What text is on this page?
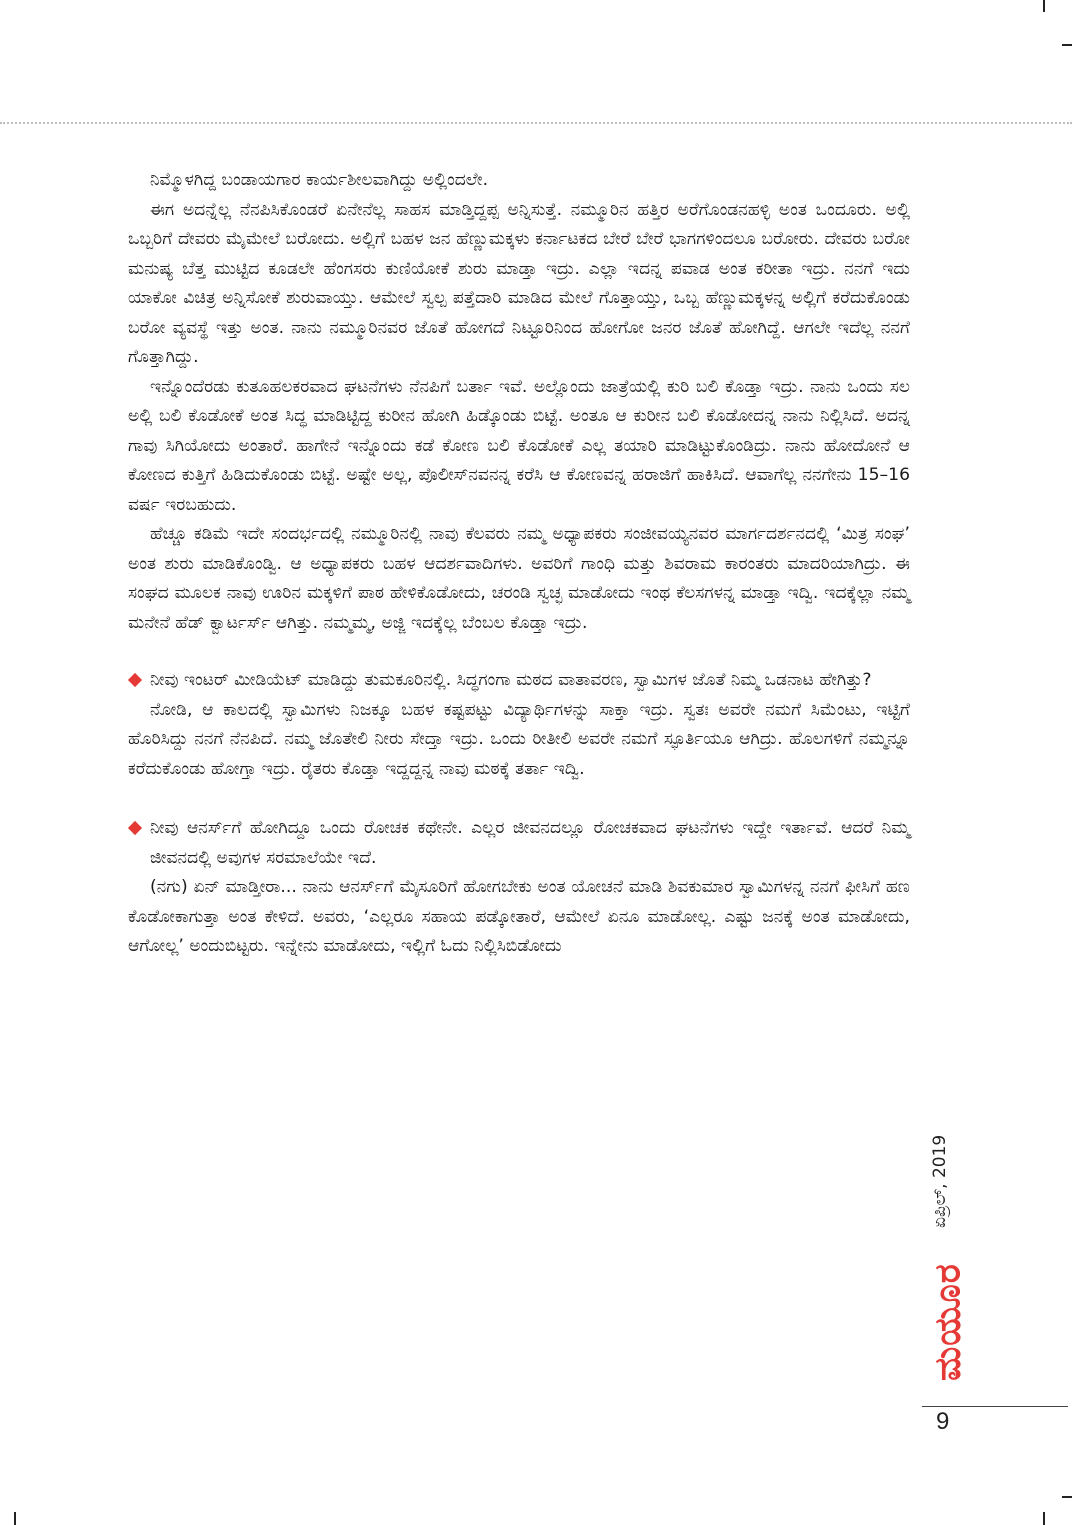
ನಿಮ್ಮೊಳಗಿದ್ದ ಬಂಡಾಯಗಾರ ಕಾರ್ಯಶೀಲವಾಗಿದ್ದು ಅಲ್ಲಿಂದಲೇ.

ಈಗ ಅದನ್ನೆಲ್ಲ ನೆನಪಿಸಿಕೊಂಡರೆ ಏನೇನೆಲ್ಲ ಸಾಹಸ ಮಾಡ್ತಿದ್ದಪ್ಪ ಅನ್ನಿಸುತ್ತೆ. ನಮ್ಮೂರಿನ ಹತ್ತಿರ ಅರೆಗೊಂಡನಹಳ್ಳಿ ಅಂತ ಒಂದೂರು. ಅಲ್ಲಿ ಒಬ್ಬರಿಗೆ ದೇವರು ಮೈಮೇಲೆ ಬರೋದು. ಅಲ್ಲಿಗೆ ಬಹಳ ಜನ ಹೆಣ್ಣುಮಕ್ಕಳು ಕರ್ನಾಟಕದ ಬೇರೆ ಬೇರೆ ಭಾಗಗಳಿಂದಲೂ ಬರೋರು. ದೇವರು ಬರೋ ಮನುಷ್ಯ ಬೆತ್ತ ಮುಟ್ಟಿದ ಕೂಡಲೇ ಹೆಂಗಸರು ಕುಣಿಯೋಕೆ ಶುರು ಮಾಡ್ತಾ ಇದ್ರು. ಎಲ್ಲಾ ಇದನ್ನ ಪವಾಡ ಅಂತ ಕರೀತಾ ಇದ್ರು. ನನಗೆ ಇದು ಯಾಕೋ ವಿಚಿತ್ರ ಅನ್ನಿಸೋಕೆ ಶುರುವಾಯ್ತು. ಆಮೇಲೆ ಸ್ವಲ್ಪ ಪತ್ತೆದಾರಿ ಮಾಡಿದ ಮೇಲೆ ಗೊತ್ತಾಯ್ತು, ಒಬ್ಬ ಹೆಣ್ಣುಮಕ್ಕಳನ್ನ ಅಲ್ಲಿಗೆ ಕರೆದುಕೊಂಡು ಬರೋ ವ್ಯವಸ್ಥೆ ಇತ್ತು ಅಂತ. ನಾನು ನಮ್ಮೂರಿನವರ ಜೊತೆ ಹೋಗದೆ ನಿಟ್ಟೂರಿನಿಂದ ಹೋಗೋ ಜನರ ಜೊತೆ ಹೋಗಿದ್ದೆ. ಆಗಲೇ ಇದೆಲ್ಲ ನನಗೆ ಗೊತ್ತಾಗಿದ್ದು.

ಇನ್ನೊಂದೆರಡು ಕುತೂಹಲಕರವಾದ ಘಟನೆಗಳು ನೆನಪಿಗೆ ಬರ್ತಾ ಇವೆ. ಅಲ್ಲೊಂದು ಜಾತ್ರೆಯಲ್ಲಿ ಕುರಿ ಬಲಿ ಕೊಡ್ತಾ ಇದ್ರು. ನಾನು ಒಂದು ಸಲ ಅಲ್ಲಿ ಬಲಿ ಕೊಡೋಕೆ ಅಂತ ಸಿದ್ಧ ಮಾಡಿಟ್ಟಿದ್ದ ಕುರೀನ ಹೋಗಿ ಹಿಡ್ಕೊಂಡು ಬಿಟ್ಟೆ. ಅಂತೂ ಆ ಕುರೀನ ಬಲಿ ಕೊಡೋದನ್ನ ನಾನು ನಿಲ್ಲಿಸಿದೆ. ಅದನ್ನ ಗಾವು ಸಿಗಿಯೋದು ಅಂತಾರೆ. ಹಾಗೇನೆ ಇನ್ನೊಂದು ಕಡೆ ಕೋಣ ಬಲಿ ಕೊಡೋಕೆ ಎಲ್ಲ ತಯಾರಿ ಮಾಡಿಟ್ಟುಕೊಂಡಿದ್ರು. ನಾನು ಹೋದೋನೆ ಆ ಕೋಣದ ಕುತ್ತಿಗೆ ಹಿಡಿದುಕೊಂಡು ಬಿಟ್ಟೆ. ಅಷ್ಟೇ ಅಲ್ಲ, ಪೊಲೀಸ್‌ನವನನ್ನ ಕರೆಸಿ ಆ ಕೋಣವನ್ನ ಹರಾಜಿಗೆ ಹಾಕಿಸಿದೆ. ಆವಾಗೆಲ್ಲ ನನಗೇನು 15–16 ವರ್ಷ ಇರಬಹುದು.

ಹೆಚ್ಚೂ ಕಡಿಮೆ ಇದೇ ಸಂದರ್ಭದಲ್ಲಿ ನಮ್ಮೂರಿನಲ್ಲಿ ನಾವು ಕೆಲವರು ನಮ್ಮ ಅಧ್ಯಾಪಕರು ಸಂಜೀವಯ್ಯನವರ ಮಾರ್ಗದರ್ಶನದಲ್ಲಿ ‘ಮಿತ್ರ ಸಂಘ’ ಅಂತ ಶುರು ಮಾಡಿಕೊಂಡ್ವಿ. ಆ ಅಧ್ಯಾಪಕರು ಬಹಳ ಆದರ್ಶವಾದಿಗಳು. ಅವರಿಗೆ ಗಾಂಧಿ ಮತ್ತು ಶಿವರಾಮ ಕಾರಂತರು ಮಾದರಿಯಾಗಿದ್ರು. ಈ ಸಂಘದ ಮೂಲಕ ನಾವು ಊರಿನ ಮಕ್ಕಳಿಗೆ ಪಾಠ ಹೇಳಿಕೊಡೋದು, ಚರಂಡಿ ಸ್ವಚ್ಛ ಮಾಡೋದು ಇಂಥ ಕೆಲಸಗಳನ್ನ ಮಾಡ್ತಾ ಇದ್ವಿ. ಇದಕ್ಕೆಲ್ಲಾ ನಮ್ಮ ಮನೇನೆ ಹೆಡ್ ಕ್ವಾರ್ಟರ್ಸ್ ಆಗಿತ್ತು. ನಮ್ಮಮ್ಮ, ಅಜ್ಜಿ ಇದಕ್ಕೆಲ್ಲ ಬೆಂಬಲ ಕೊಡ್ತಾ ಇದ್ರು.

ನೀವು ಇಂಟರ್ ಮೀಡಿಯೆಟ್ ಮಾಡಿದ್ದು ತುಮಕೂರಿನಲ್ಲಿ. ಸಿದ್ಧಗಂಗಾ ಮಠದ ವಾತಾವರಣ, ಸ್ವಾಮಿಗಳ ಜೊತೆ ನಿಮ್ಮ ಒಡನಾಟ ಹೇಗಿತ್ತು?

ನೋಡಿ, ಆ ಕಾಲದಲ್ಲಿ ಸ್ವಾಮಿಗಳು ನಿಜಕ್ಕೂ ಬಹಳ ಕಷ್ಟಪಟ್ಟು ವಿದ್ಯಾರ್ಥಿಗಳನ್ನು ಸಾಕ್ತಾ ಇದ್ರು. ಸ್ವತಃ ಅವರೇ ನಮಗೆ ಸಿಮೆಂಟು, ಇಟ್ಟಿಗೆ ಹೊರಿಸಿದ್ದು ನನಗೆ ನೆನಪಿದೆ. ನಮ್ಮ ಜೊತೇಲಿ ನೀರು ಸೇದ್ತಾ ಇದ್ರು. ಒಂದು ರೀತೀಲಿ ಅವರೇ ನಮಗೆ ಸ್ಫೂರ್ತಿಯೂ ಆಗಿದ್ರು. ಹೊಲಗಳಿಗೆ ನಮ್ಮನ್ನೂ ಕರೆದುಕೊಂಡು ಹೋಗ್ತಾ ಇದ್ರು. ರೈತರು ಕೊಡ್ತಾ ಇದ್ದದ್ದನ್ನ ನಾವು ಮಠಕ್ಕೆ ತರ್ತಾ ಇದ್ವಿ.

ನೀವು ಆನರ್ಸ್‌ಗೆ ಹೋಗಿದ್ದೂ ಒಂದು ರೋಚಕ ಕಥೇನೇ. ಎಲ್ಲರ ಜೀವನದಲ್ಲೂ ರೋಚಕವಾದ ಘಟನೆಗಳು ಇದ್ದೇ ಇರ್ತಾವೆ. ಆದರೆ ನಿಮ್ಮ ಜೀವನದಲ್ಲಿ ಅವುಗಳ ಸರಮಾಲೆಯೇ ಇದೆ.

(ನಗು) ಏನ್ ಮಾಡ್ತೀರಾ... ನಾನು ಆನರ್ಸ್‌ಗೆ ಮೈಸೂರಿಗೆ ಹೋಗಬೇಕು ಅಂತ ಯೋಚನೆ ಮಾಡಿ ಶಿವಕುಮಾರ ಸ್ವಾಮಿಗಳನ್ನ ನನಗೆ ಫೀಸಿಗೆ ಹಣ ಕೊಡೋಕಾಗುತ್ತಾ ಅಂತ ಕೇಳಿದೆ. ಅವರು, ‘ಎಲ್ಲರೂ ಸಹಾಯ ಪಡ್ಕೋತಾರೆ, ಆಮೇಲೆ ಏನೂ ಮಾಡೋಲ್ಲ. ಎಷ್ಟು ಜನಕ್ಕೆ ಅಂತ ಮಾಡೋದು, ಆಗೋಲ್ಲ’ ಅಂದುಬಿಟ್ಟರು. ಇನ್ನೇನು ಮಾಡೋದು, ಇಲ್ಲಿಗೆ ಓದು ನಿಲ್ಲಿಸಿಬಿಡೋದು

ಏಪ್ರಿಲ್, 2019
ಮಯೂರ
9
